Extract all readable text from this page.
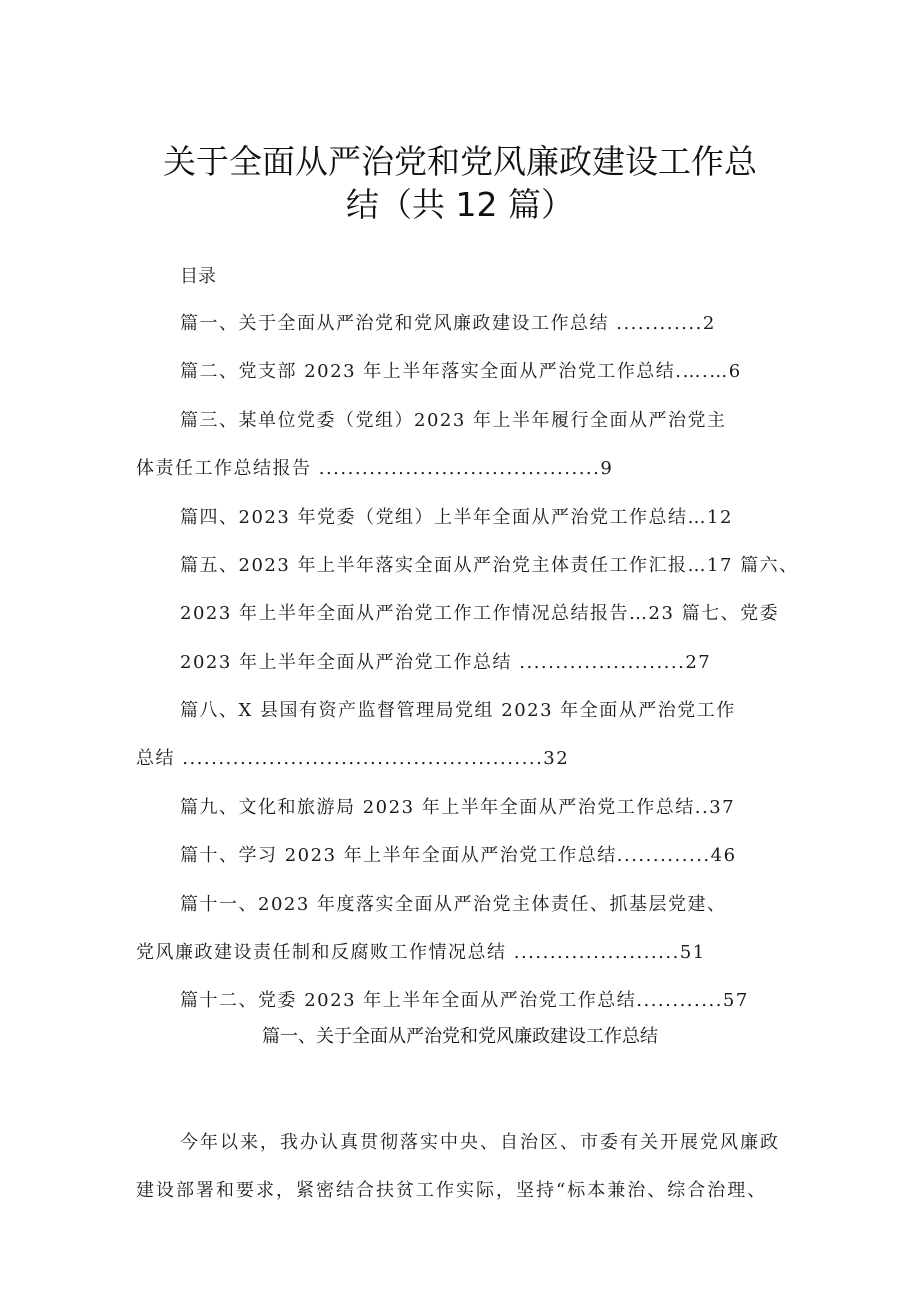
关于全面从严治党和党风廉政建设工作总
结（共 12 篇）
目录
篇一、关于全面从严治党和党风廉政建设工作总结 ............2
篇二、党支部 2023 年上半年落实全面从严治党工作总结.….…6
篇三、某单位党委（党组）2023 年上半年履行全面从严治党主
体责任工作总结报告 .......................................9
篇四、2023 年党委（党组）上半年全面从严治党工作总结…12
篇五、2023 年上半年落实全面从严治党主体责任工作汇报…17 篇六、
2023 年上半年全面从严治党工作工作情况总结报告…23 篇七、党委
2023 年上半年全面从严治党工作总结 .......................27
篇八、X 县国有资产监督管理局党组 2023 年全面从严治党工作
总结 ..................................................32
篇九、文化和旅游局 2023 年上半年全面从严治党工作总结..37
篇十、学习 2023 年上半年全面从严治党工作总结.............46
篇十一、2023 年度落实全面从严治党主体责任、抓基层党建、
党风廉政建设责任制和反腐败工作情况总结 .......................51
篇十二、党委 2023 年上半年全面从严治党工作总结............57
篇一、关于全面从严治党和党风廉政建设工作总结
今年以来，我办认真贯彻落实中央、自治区、市委有关开展党风廉政
建设部署和要求，紧密结合扶贫工作实际，坚持“标本兼治、综合治理、
